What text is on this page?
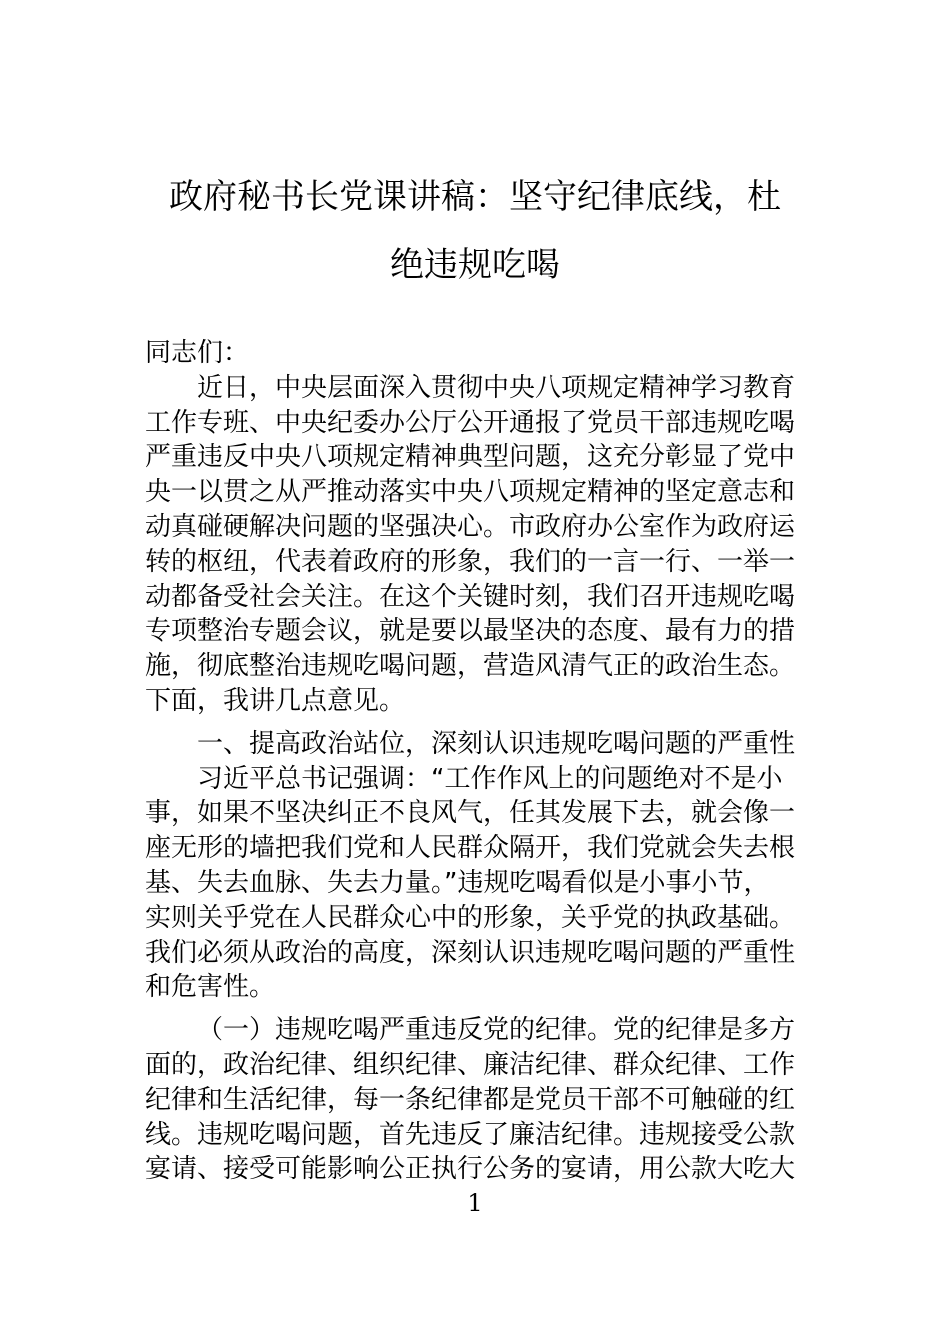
政府秘书长党课讲稿：坚守纪律底线，杜
绝违规吃喝
同志们：
近日，中央层面深入贯彻中央八项规定精神学习教育
工作专班、中央纪委办公厅公开通报了党员干部违规吃喝
严重违反中央八项规定精神典型问题，这充分彰显了党中
央一以贯之从严推动落实中央八项规定精神的坚定意志和
动真碰硬解决问题的坚强决心。市政府办公室作为政府运
转的枢纽，代表着政府的形象，我们的一言一行、一举一
动都备受社会关注。在这个关键时刻，我们召开违规吃喝
专项整治专题会议，就是要以最坚决的态度、最有力的措
施，彻底整治违规吃喝问题，营造风清气正的政治生态。
下面，我讲几点意见。
一、提高政治站位，深刻认识违规吃喝问题的严重性
习近平总书记强调：“工作作风上的问题绝对不是小
事，如果不坚决纠正不良风气，任其发展下去，就会像一
座无形的墙把我们党和人民群众隔开，我们党就会失去根
基、失去血脉、失去力量。”违规吃喝看似是小事小节，
实则关乎党在人民群众心中的形象，关乎党的执政基础。
我们必须从政治的高度，深刻认识违规吃喝问题的严重性
和危害性。
（一）违规吃喝严重违反党的纪律。党的纪律是多方
面的，政治纪律、组织纪律、廉洁纪律、群众纪律、工作
纪律和生活纪律，每一条纪律都是党员干部不可触碰的红
线。违规吃喝问题，首先违反了廉洁纪律。违规接受公款
宴请、接受可能影响公正执行公务的宴请，用公款大吃大
1
